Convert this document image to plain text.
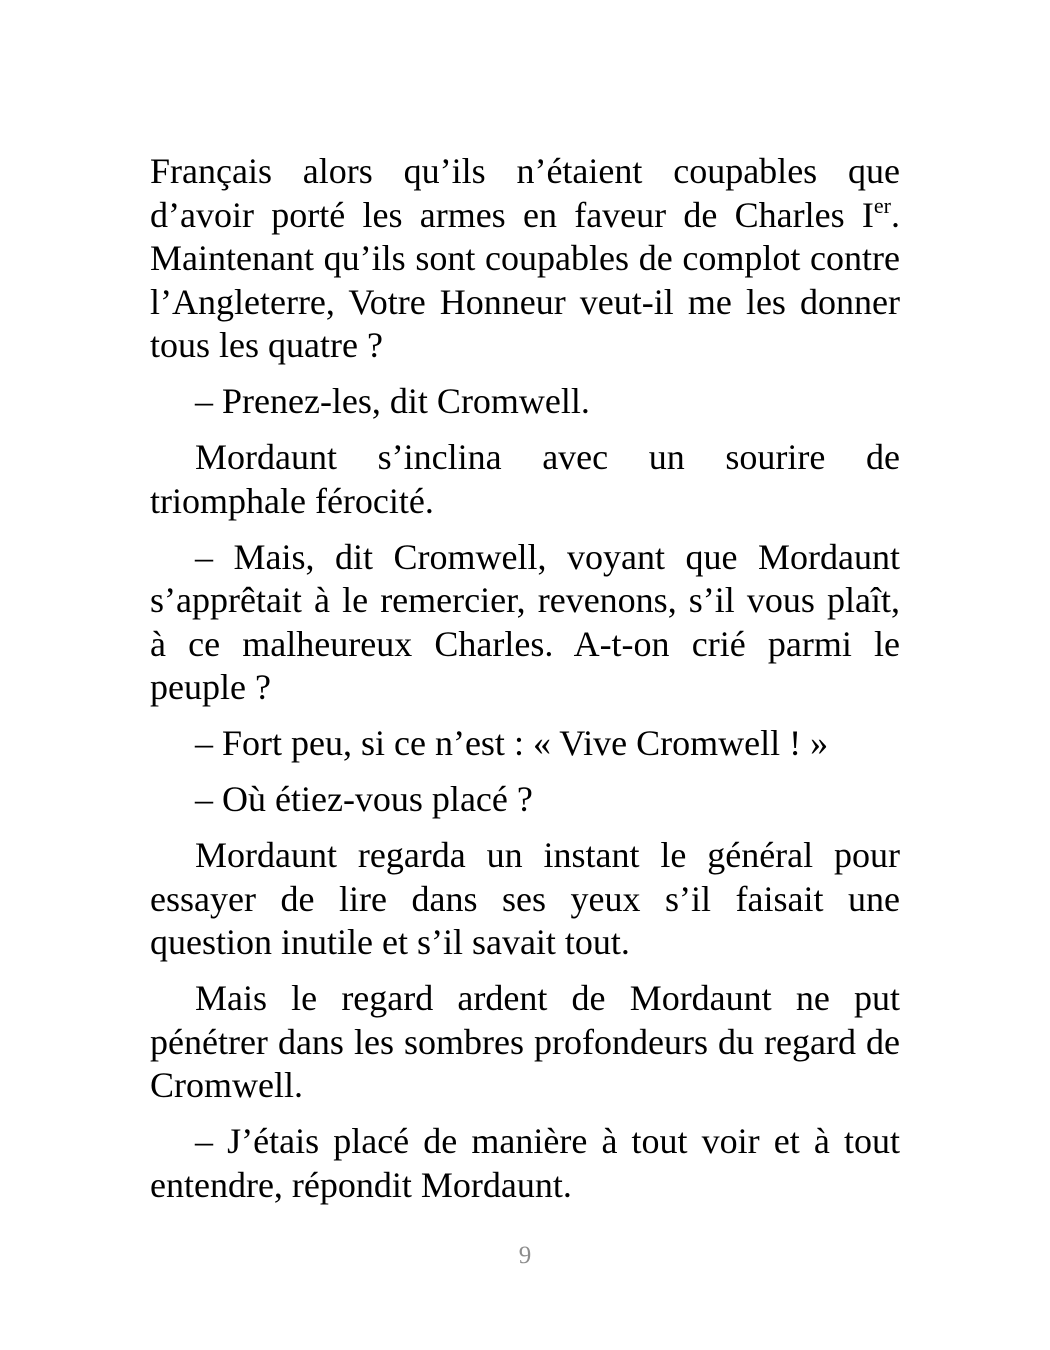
Français alors qu’ils n’étaient coupables que d’avoir porté les armes en faveur de Charles Ier. Maintenant qu’ils sont coupables de complot contre l’Angleterre, Votre Honneur veut-il me les donner tous les quatre ?

– Prenez-les, dit Cromwell.

Mordaunt s’inclina avec un sourire de triomphale férocité.

– Mais, dit Cromwell, voyant que Mordaunt s’apprêtait à le remercier, revenons, s’il vous plaît, à ce malheureux Charles. A-t-on crié parmi le peuple ?

– Fort peu, si ce n’est : « Vive Cromwell ! »

– Où étiez-vous placé ?

Mordaunt regarda un instant le général pour essayer de lire dans ses yeux s’il faisait une question inutile et s’il savait tout.

Mais le regard ardent de Mordaunt ne put pénétrer dans les sombres profondeurs du regard de Cromwell.

– J’étais placé de manière à tout voir et à tout entendre, répondit Mordaunt.

9
